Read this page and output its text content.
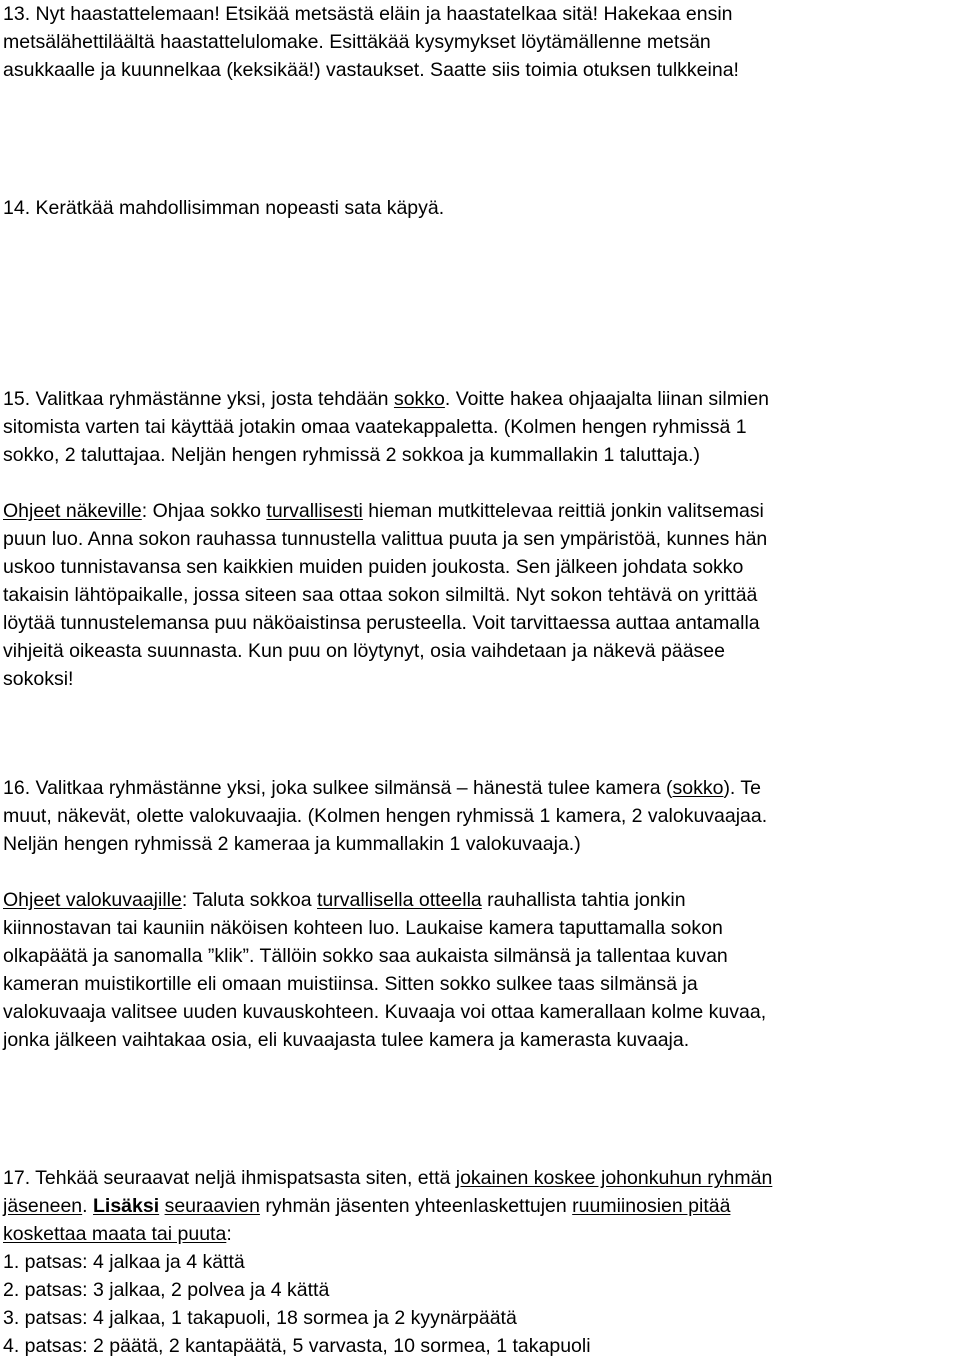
13. Nyt haastattelemaan! Etsikää metsästä eläin ja haastatelkaa sitä! Hakekaa ensin
metsälähettiläältä haastattelulomake. Esittäkää kysymykset löytämällenne metsän
asukkaalle ja kuunnelkaa (keksikää!) vastaukset. Saatte siis toimia otuksen tulkkeina!
14. Kerätkää mahdollisimman nopeasti sata käpyä.
15. Valitkaa ryhmästänne yksi, josta tehdään sokko. Voitte hakea ohjaajalta liinan silmien
sitomista varten tai käyttää jotakin omaa vaatekappaletta. (Kolmen hengen ryhmissä 1
sokko, 2 taluttajaa. Neljän hengen ryhmissä 2 sokkoa ja kummallakin 1 taluttaja.)
Ohjeet näkeville: Ohjaa sokko turvallisesti hieman mutkittelevaa reittiä jonkin valitsemasi
puun luo. Anna sokon rauhassa tunnustella valittua puuta ja sen ympäristöä, kunnes hän
uskoo tunnistavansa sen kaikkien muiden puiden joukosta. Sen jälkeen johdata sokko
takaisin lähtöpaikalle, jossa siteen saa ottaa sokon silmiltä. Nyt sokon tehtävä on yrittää
löytää tunnustelemansa puu näköaistinsa perusteella. Voit tarvittaessa auttaa antamalla
vihjeitä oikeasta suunnasta. Kun puu on löytynyt, osia vaihdetaan ja näkevä pääsee
sokoksi!
16. Valitkaa ryhmästänne yksi, joka sulkee silmänsä – hänestä tulee kamera (sokko). Te
muut, näkevät, olette valokuvaajia. (Kolmen hengen ryhmissä 1 kamera, 2 valokuvaajaa.
Neljän hengen ryhmissä 2 kameraa ja kummallakin 1 valokuvaaja.)
Ohjeet valokuvaajille: Taluta sokkoa turvallisella otteella rauhallista tahtia jonkin
kiinnostavan tai kauniin näköisen kohteen luo. Laukaise kamera taputtamalla sokon
olkapäätä ja sanomalla ”klik”. Tällöin sokko saa aukaista silmänsä ja tallentaa kuvan
kameran muistikortille eli omaan muistiinsa. Sitten sokko sulkee taas silmänsä ja
valokuvaaja valitsee uuden kuvauskohteen. Kuvaaja voi ottaa kamerallaan kolme kuvaa,
jonka jälkeen vaihtakaa osia, eli kuvaajasta tulee kamera ja kamerasta kuvaaja.
17. Tehkää seuraavat neljä ihmispatsasta siten, että jokainen koskee johonkuhun ryhmän
jäseneen. Lisäksi seuraavien ryhmän jäsenten yhteenlaskettujen ruumiinosien pitää
koskettaa maata tai puuta:
1. patsas: 4 jalkaa ja 4 kättä
2. patsas: 3 jalkaa, 2 polvea ja 4 kättä
3. patsas: 4 jalkaa, 1 takapuoli, 18 sormea ja 2 kyynärpäätä
4. patsas: 2 päätä, 2 kantapäätä, 5 varvasta, 10 sormea, 1 takapuoli
